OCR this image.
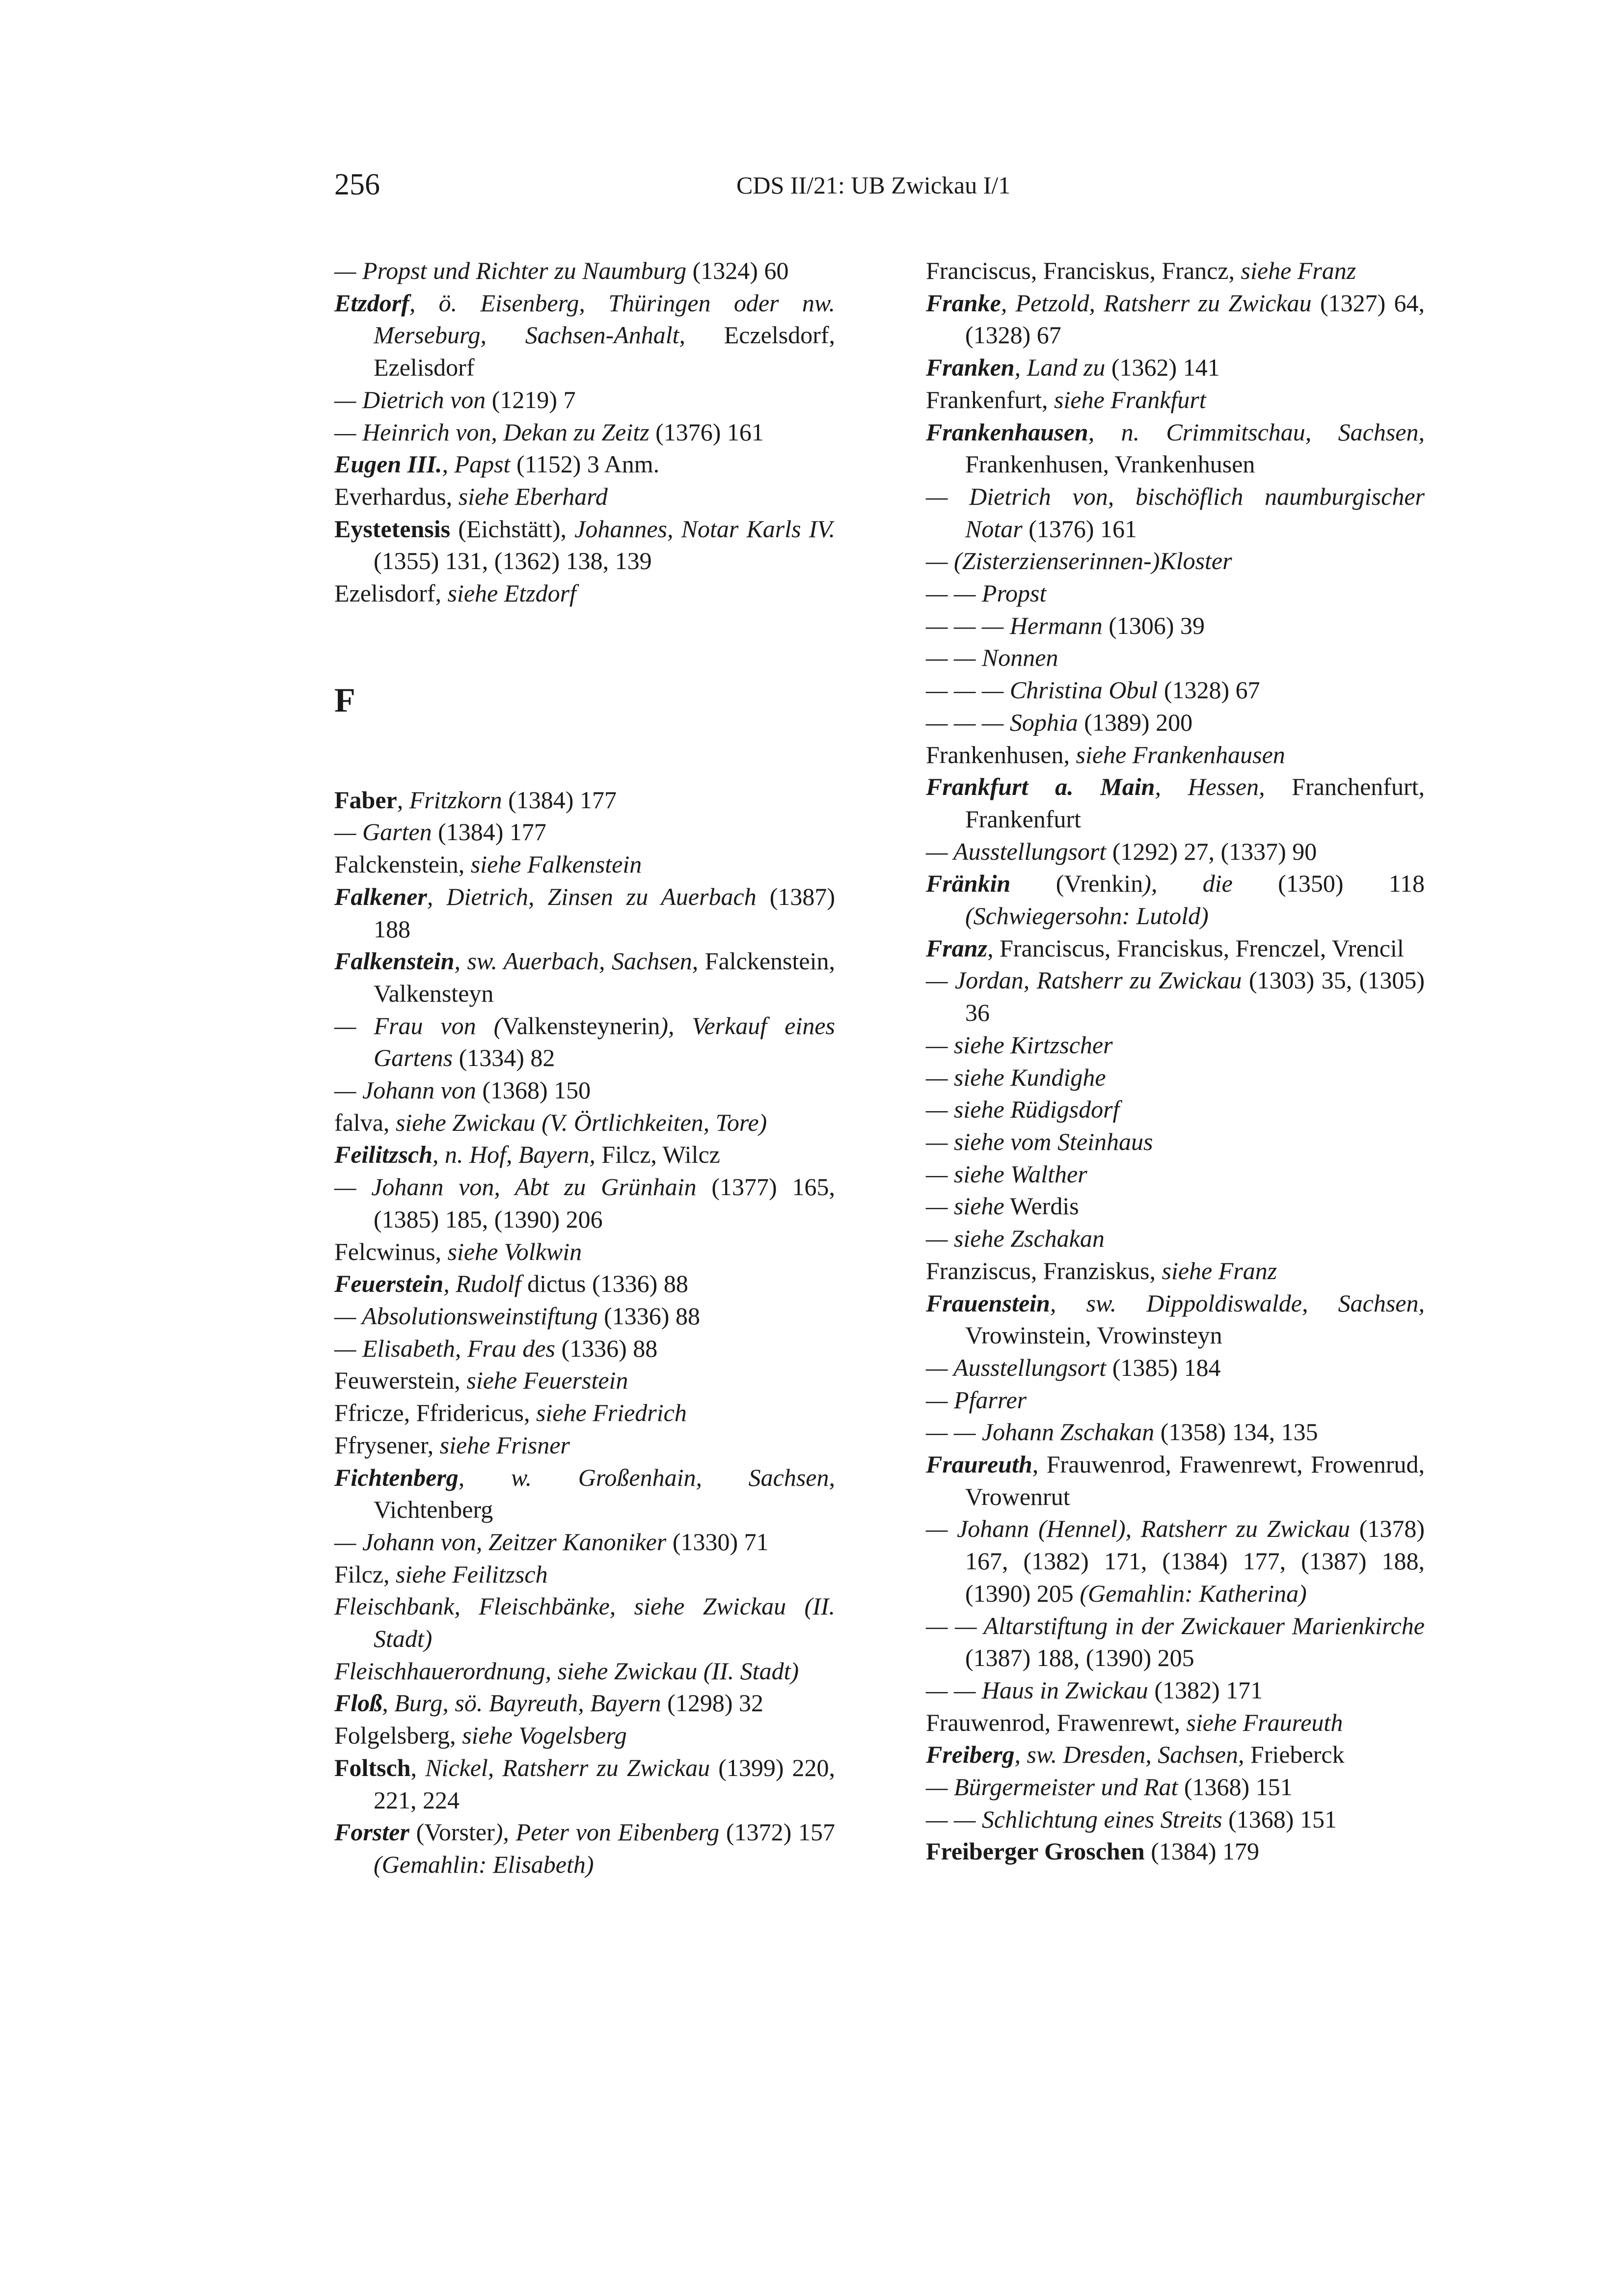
256	CDS II/21: UB Zwickau I/1
— Propst und Richter zu Naumburg (1324) 60
Etzdorf, ö. Eisenberg, Thüringen oder nw. Merseburg, Sachsen-Anhalt, Eczelsdorf, Ezelisdorf
— Dietrich von (1219) 7
— Heinrich von, Dekan zu Zeitz (1376) 161
Eugen III., Papst (1152) 3 Anm.
Everhardus, siehe Eberhard
Eystetensis (Eichstätt), Johannes, Notar Karls IV. (1355) 131, (1362) 138, 139
Ezelisdorf, siehe Etzdorf
F
Faber, Fritzkorn (1384) 177
— Garten (1384) 177
Falckenstein, siehe Falkenstein
Falkener, Dietrich, Zinsen zu Auerbach (1387) 188
Falkenstein, sw. Auerbach, Sachsen, Falckenstein, Valkensteyn
— Frau von (Valkensteynerin), Verkauf eines Gartens (1334) 82
— Johann von (1368) 150
falva, siehe Zwickau (V. Örtlichkeiten, Tore)
Feilitzsch, n. Hof, Bayern, Filcz, Wilcz
— Johann von, Abt zu Grünhain (1377) 165, (1385) 185, (1390) 206
Felcwinus, siehe Volkwin
Feuerstein, Rudolf dictus (1336) 88
— Absolutionsweinstiftung (1336) 88
— Elisabeth, Frau des (1336) 88
Feuwerstein, siehe Feuerstein
Ffricze, Ffridericus, siehe Friedrich
Ffrysener, siehe Frisner
Fichtenberg, w. Großenhain, Sachsen, Vichtenberg
— Johann von, Zeitzer Kanoniker (1330) 71
Filcz, siehe Feilitzsch
Fleischbank, Fleischbänke, siehe Zwickau (II. Stadt)
Fleischhauerordnung, siehe Zwickau (II. Stadt)
Floß, Burg, sö. Bayreuth, Bayern (1298) 32
Folgelsberg, siehe Vogelsberg
Foltsch, Nickel, Ratsherr zu Zwickau (1399) 220, 221, 224
Forster (Vorster), Peter von Eibenberg (1372) 157 (Gemahlin: Elisabeth)
Franciscus, Franciskus, Francz, siehe Franz
Franke, Petzold, Ratsherr zu Zwickau (1327) 64, (1328) 67
Franken, Land zu (1362) 141
Frankenfurt, siehe Frankfurt
Frankenhausen, n. Crimmitschau, Sachsen, Frankenhusen, Vrankenhusen
— Dietrich von, bischöflich naumburgischer Notar (1376) 161
— (Zisterzienserinnen-)Kloster
— — Propst
— — — Hermann (1306) 39
— — Nonnen
— — — Christina Obul (1328) 67
— — — Sophia (1389) 200
Frankenhusen, siehe Frankenhausen
Frankfurt a. Main, Hessen, Franchenfurt, Frankenfurt
— Ausstellungsort (1292) 27, (1337) 90
Fränkin (Vrenkin), die (1350) 118 (Schwiegersohn: Lutold)
Franz, Franciscus, Franciskus, Frenczel, Vrencil
— Jordan, Ratsherr zu Zwickau (1303) 35, (1305) 36
— siehe Kirtzscher
— siehe Kundighe
— siehe Rüdigsdorf
— siehe vom Steinhaus
— siehe Walther
— siehe Werdis
— siehe Zschakan
Franziscus, Franziskus, siehe Franz
Frauenstein, sw. Dippoldiswalde, Sachsen, Vrowinstein, Vrowinsteyn
— Ausstellungsort (1385) 184
— Pfarrer
— — Johann Zschakan (1358) 134, 135
Fraureuth, Frauwenrod, Frawenrewt, Frowenrud, Vrowenrut
— Johann (Hennel), Ratsherr zu Zwickau (1378) 167, (1382) 171, (1384) 177, (1387) 188, (1390) 205 (Gemahlin: Katherina)
— — Altarstiftung in der Zwickauer Marienkirche (1387) 188, (1390) 205
— — Haus in Zwickau (1382) 171
Frauwenrod, Frawenrewt, siehe Fraureuth
Freiberg, sw. Dresden, Sachsen, Frieberck
— Bürgermeister und Rat (1368) 151
— — Schlichtung eines Streits (1368) 151
Freiberger Groschen (1384) 179
